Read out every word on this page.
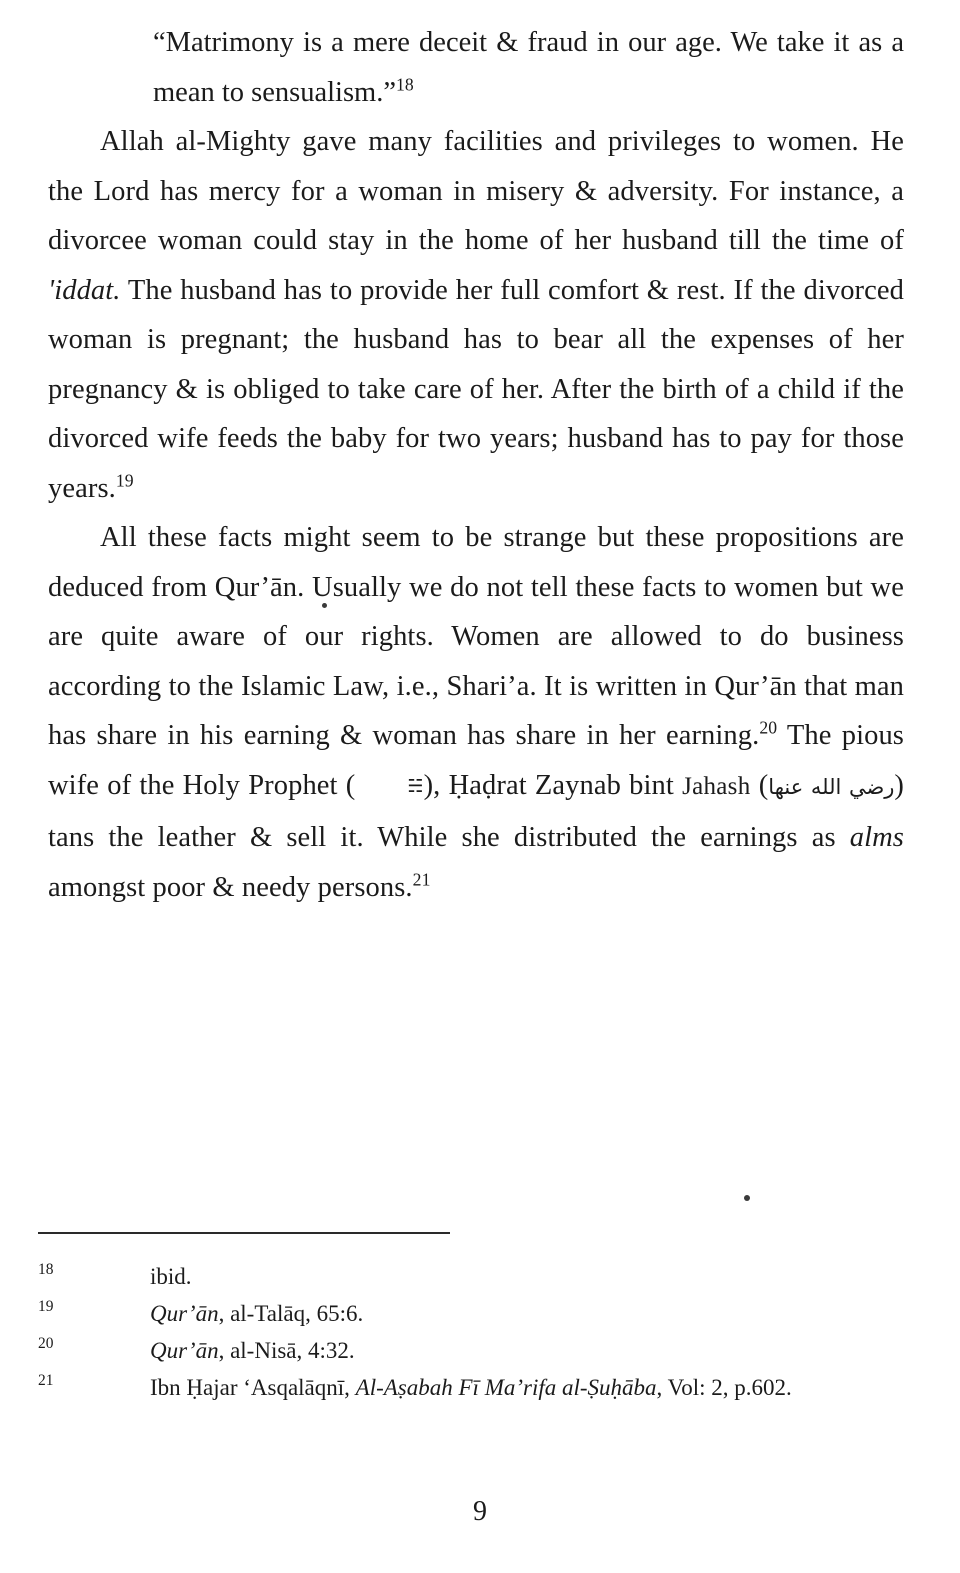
“Matrimony is a mere deceit & fraud in our age. We take it as a mean to sensualism.”$^{18}$

Allah al-Mighty gave many facilities and privileges to women. He the Lord has mercy for a woman in misery & adversity. For instance, a divorcee woman could stay in the home of her husband till the time of 'iddat. The husband has to provide her full comfort & rest. If the divorced woman is pregnant; the husband has to bear all the expenses of her pregnancy & is obliged to take care of her. After the birth of a child if the divorced wife feeds the baby for two years; husband has to pay for those years.$^{19}$

All these facts might seem to be strange but these propositions are deduced from Qur’ān. Usually we do not tell these facts to women but we are quite aware of our rights. Women are allowed to do business according to the Islamic Law, i.e., Shari’a. It is written in Qur’ān that man has share in his earning & woman has share in her earning.$^{20}$ The pious wife of the Holy Prophet (	☵), Ḥaḍrat Zaynab bint Jahash (رضي الله عنها) tans the leather & sell it. While she distributed the earnings as alms amongst poor & needy persons.$^{21}$

18	ibid.
19	Qur’ān, al-Talāq, 65:6.
20	Qur’ān, al-Nisā, 4:32.
21	Ibn Ḥajar ‘Asqalāqnī, Al-Aṣabah Fī Ma’rifa al-Ṣuḥāba, Vol: 2, p.602.
9
